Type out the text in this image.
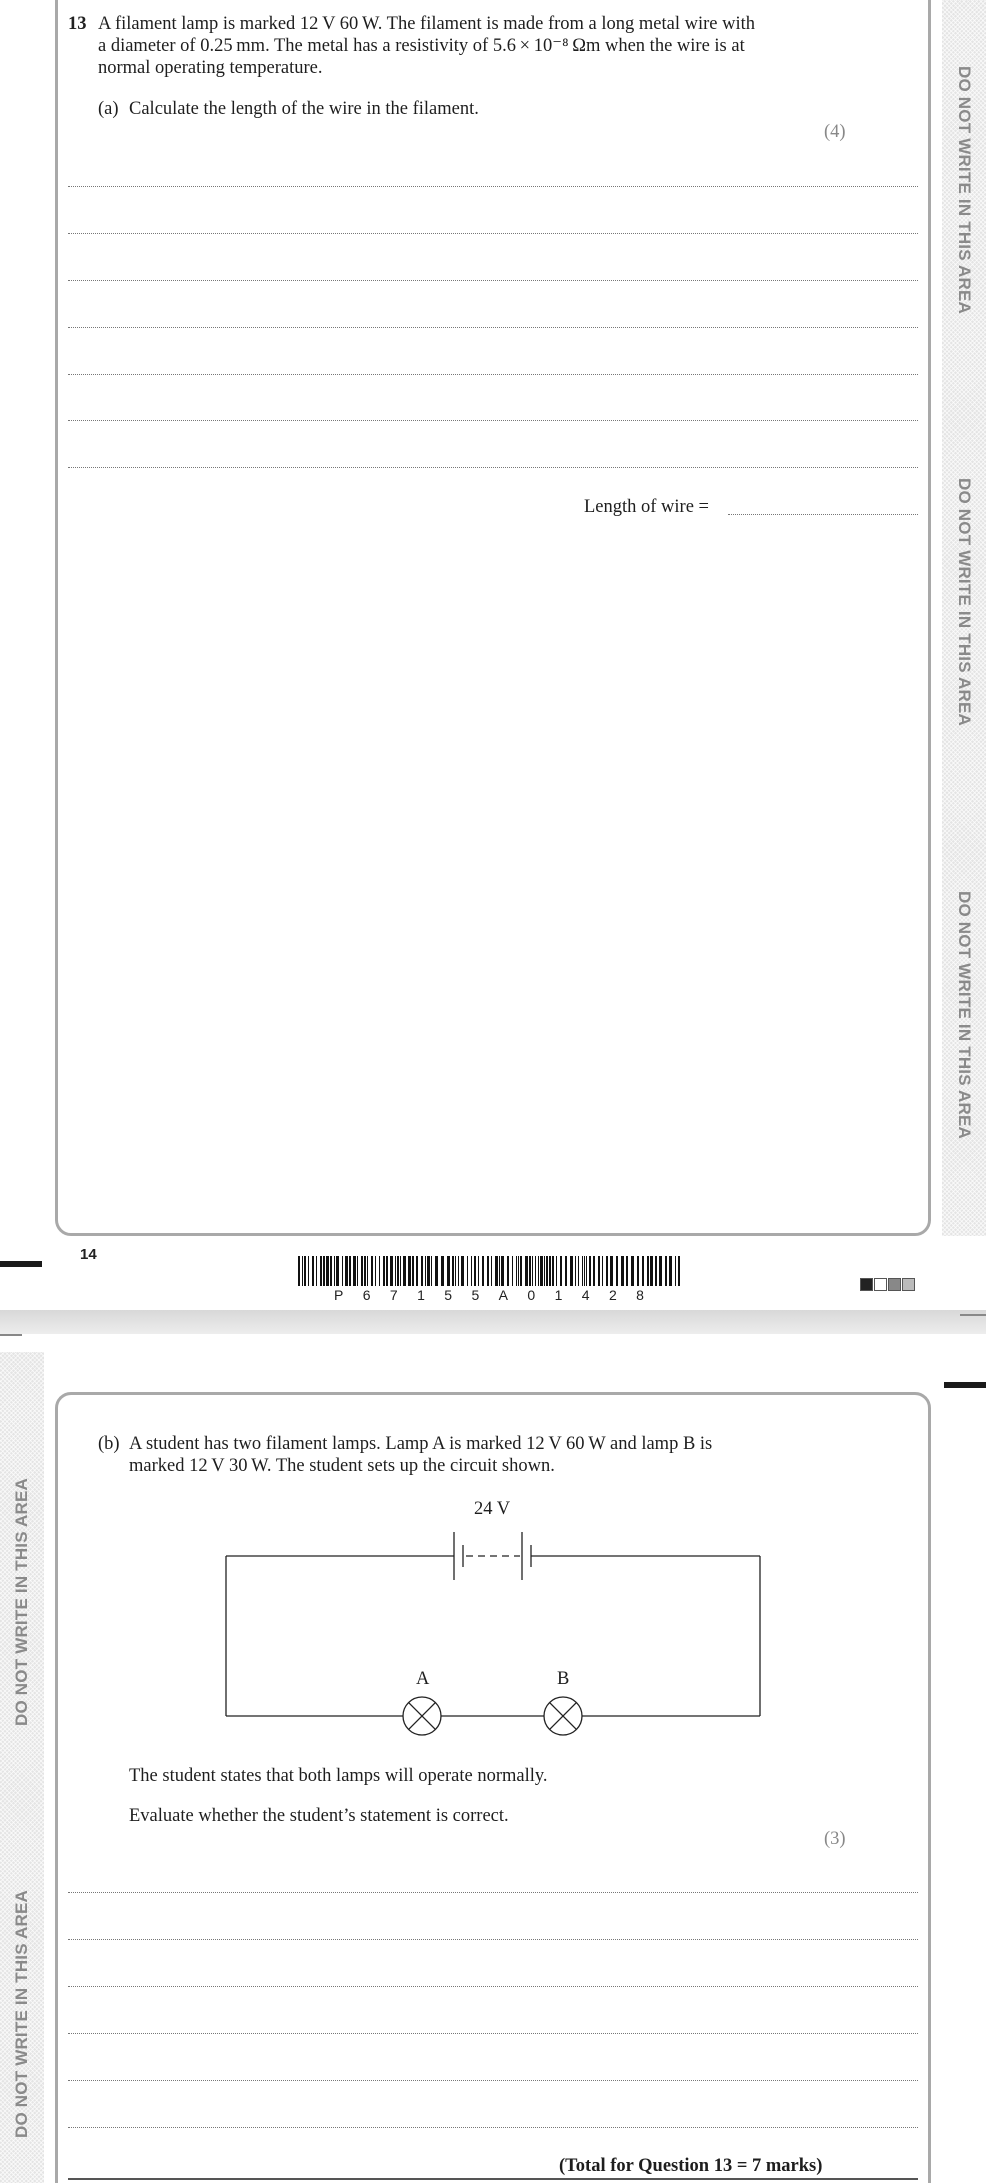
DO NOT WRITE IN THIS AREA
DO NOT WRITE IN THIS AREA
DO NOT WRITE IN THIS AREA
13 A filament lamp is marked 12 V 60 W. The filament is made from a long metal wire with
a diameter of 0.25 mm. The metal has a resistivity of 5.6 × 10⁻⁸ Ωm when the wire is at
normal operating temperature.
(a) Calculate the length of the wire in the filament.
(4)
Length of wire =
14
P 6 7 1 5 5 A 0 1 4 2 8
DO NOT WRITE IN THIS AREA
DO NOT WRITE IN THIS AREA
(b) A student has two filament lamps. Lamp A is marked 12 V 60 W and lamp B is
marked 12 V 30 W. The student sets up the circuit shown.
24 V
A	B
The student states that both lamps will operate normally.
Evaluate whether the student’s statement is correct.
(3)
(Total for Question 13 = 7 marks)
